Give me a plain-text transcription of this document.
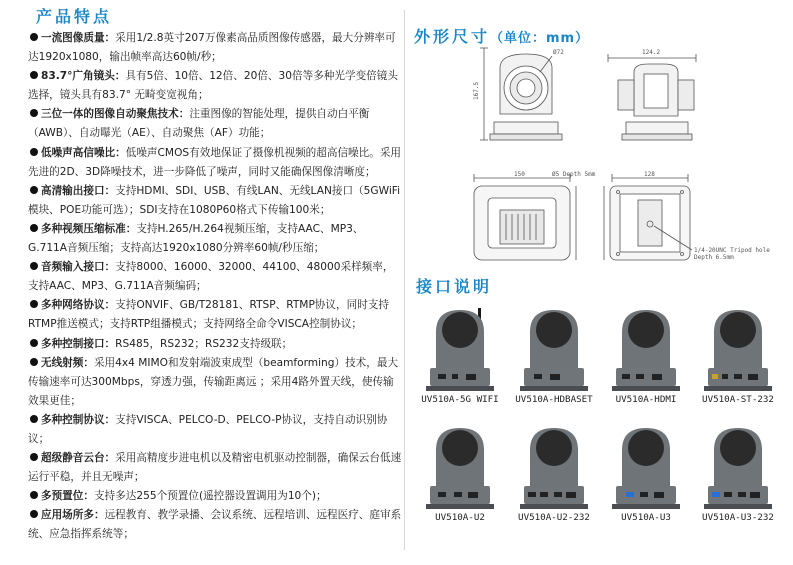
产品特点

一流图像质量：采用1/2.8英寸207万像素高品质图像传感器，最大分辨率可达1920x1080，输出帧率高达60帧/秒；

83.7°广角镜头：具有5倍、10倍、12倍、20倍、30倍等多种光学变倍镜头选择，镜头具有83.7° 无畸变宽视角；

三位一体的图像自动聚焦技术：注重图像的智能处理，提供自动白平衡（AWB）、自动曝光（AE）、自动聚焦（AF）功能；

低噪声高信噪比：低噪声CMOS有效地保证了摄像机视频的超高信噪比。采用先进的2D、3D降噪技术，进一步降低了噪声，同时又能确保图像清晰度；

高清输出接口：支持HDMI、SDI、USB、有线LAN、无线LAN接口（5GWiFi模块、POE功能可选）；SDI支持在1080P60格式下传输100米；

多种视频压缩标准：支持H.265/H.264视频压缩，支持AAC、MP3、G.711A音频压缩；支持高达1920x1080分辨率60帧/秒压缩；

音频输入接口：支持8000、16000、32000、44100、48000采样频率，支持AAC、MP3、G.711A音频编码；

多种网络协议：支持ONVIF、GB/T28181、RTSP、RTMP协议，同时支持RTMP推送模式；支持RTP组播模式；支持网络全命令VISCA控制协议；

多种控制接口：RS485，RS232；RS232支持级联；

无线射频：采用4x4 MIMO和发射端波束成型（beamforming）技术，最大传输速率可达300Mbps，穿透力强，传输距离远 ；采用4路外置天线，使传输效果更佳；

多种控制协议：支持VISCA、PELCO-D、PELCO-P协议，支持自动识别协议；

超级静音云台：采用高精度步进电机以及精密电机驱动控制器，确保云台低速运行平稳，并且无噪声；

多预置位：支持多达255个预置位(遥控器设置调用为10个)；

应用场所多：远程教育、教学录播、会议系统、远程培训、远程医疗、庭审系统、应急指挥系统等；

外形尺寸（单位：mm）
Ø72
167.5
124.2
150	Ø5 Depth 5mm	128
1/4-20UNC Tripod hole
Depth 6.5mm
接口说明
UV510A-5G WIFI	UV510A-HDBASET	UV510A-HDMI	UV510A-ST-232
UV510A-U2	UV510A-U2-232	UV510A-U3	UV510A-U3-232
